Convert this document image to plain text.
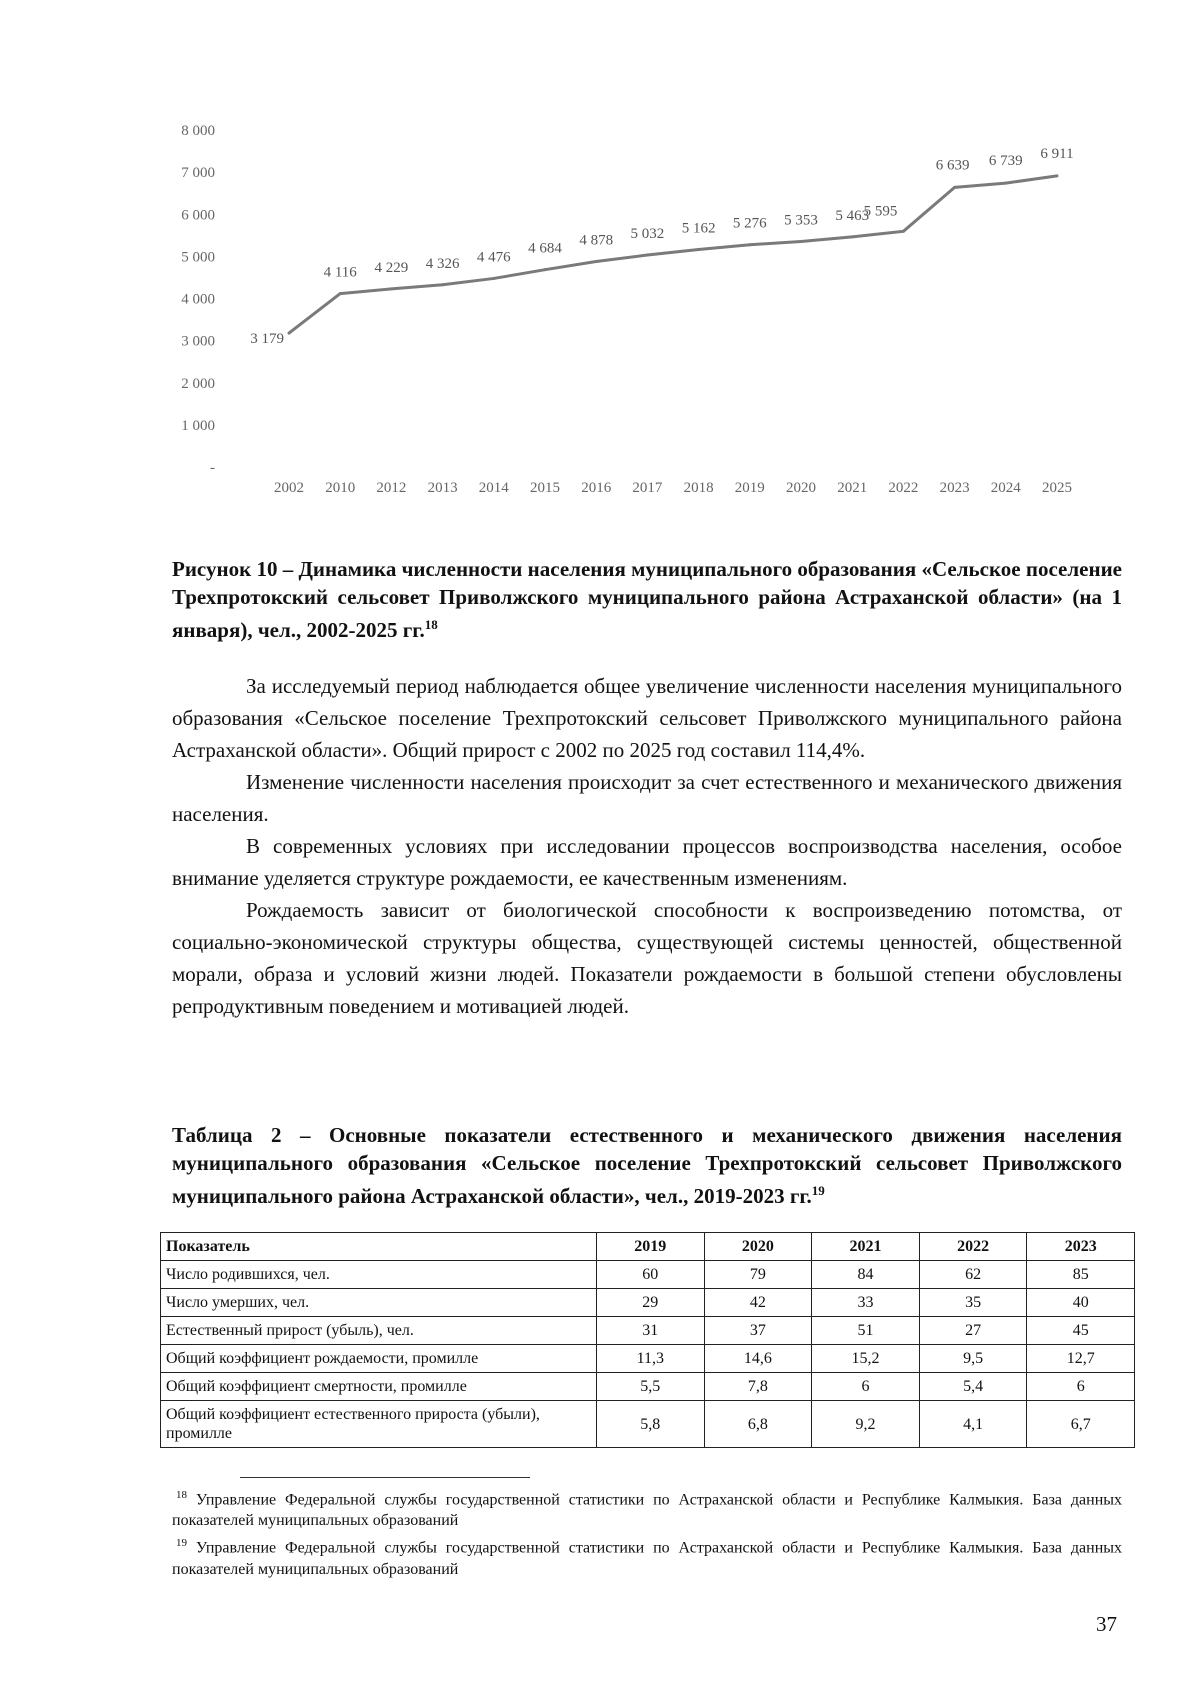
-
1 000
2 000
3 000
4 000
5 000
6 000
7 000
8 000
2002 2010 2012 2013 2014 2015 2016 2017 2018 2019 2020 2021 2022 2023 2024 2025
3 179
4 116 4 229 4 326 4 476
4 684
4 878 5 032 5 162 5 276 5 353 5 463
5 595
6 639 6 739 6 911
Рисунок 10 – Динамика численности населения муниципального образования «Сельское поселение Трехпротокский сельсовет Приволжского муниципального района Астраханской области» (на 1 января), чел., 2002-2025 гг.$^{18}$

За исследуемый период наблюдается общее увеличение численности населения муниципального образования «Сельское поселение Трехпротокский сельсовет Приволжского муниципального района Астраханской области». Общий прирост с 2002 по 2025 год составил 114,4%.

Изменение численности населения происходит за счет естественного и механического движения населения.

В современных условиях при исследовании процессов воспроизводства населения, особое внимание уделяется структуре рождаемости, ее качественным изменениям.

Рождаемость зависит от биологической способности к воспроизведению потомства, от социально-экономической структуры общества, существующей системы ценностей, общественной морали, образа и условий жизни людей. Показатели рождаемости в большой степени обусловлены репродуктивным поведением и мотивацией людей.

Таблица 2 – Основные показатели естественного и механического движения населения муниципального образования «Сельское поселение Трехпротокский сельсовет Приволжского муниципального района Астраханской области», чел., 2019-2023 гг.$^{19}$
Показатель	2019	2020	2021	2022	2023
Число родившихся, чел.	60	79	84	62	85
Число умерших, чел.	29	42	33	35	40
Естественный прирост (убыль), чел.	31	37	51	27	45
Общий коэффициент рождаемости, промилле	11,3	14,6	15,2	9,5	12,7
Общий коэффициент смертности, промилле	5,5	7,8	6	5,4	6
Общий коэффициент естественного прироста (убыли), промилле	5,8	6,8	9,2	4,1	6,7

$^{18}$ Управление Федеральной службы государственной статистики по Астраханской области и Республике Калмыкия. База данных показателей муниципальных образований

$^{19}$ Управление Федеральной службы государственной статистики по Астраханской области и Республике Калмыкия. База данных показателей муниципальных образований

37
